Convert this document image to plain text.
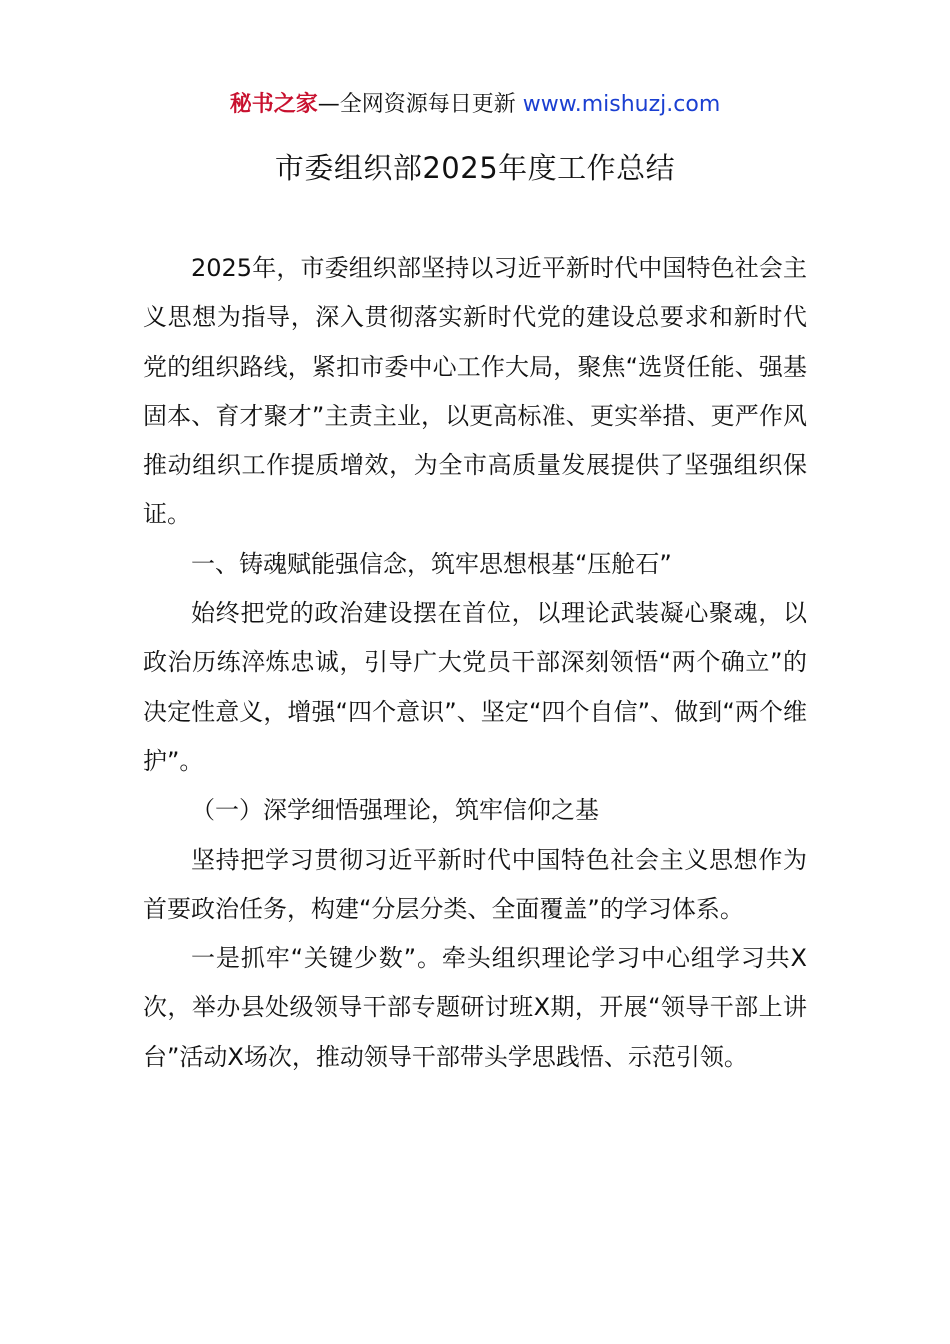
秘书之家—全网资源每日更新 www.mishuzj.com
市委组织部2025年度工作总结

2025年，市委组织部坚持以习近平新时代中国特色社会主义思想为指导，深入贯彻落实新时代党的建设总要求和新时代党的组织路线，紧扣市委中心工作大局，聚焦“选贤任能、强基固本、育才聚才”主责主业，以更高标准、更实举措、更严作风推动组织工作提质增效，为全市高质量发展提供了坚强组织保证。

一、铸魂赋能强信念，筑牢思想根基“压舱石”

始终把党的政治建设摆在首位，以理论武装凝心聚魂，以政治历练淬炼忠诚，引导广大党员干部深刻领悟“两个确立”的决定性意义，增强“四个意识”、坚定“四个自信”、做到“两个维护”。

（一）深学细悟强理论，筑牢信仰之基

坚持把学习贯彻习近平新时代中国特色社会主义思想作为首要政治任务，构建“分层分类、全面覆盖”的学习体系。

一是抓牢“关键少数”。牵头组织理论学习中心组学习共X次，举办县处级领导干部专题研讨班X期，开展“领导干部上讲台”活动X场次，推动领导干部带头学思践悟、示范引领。
